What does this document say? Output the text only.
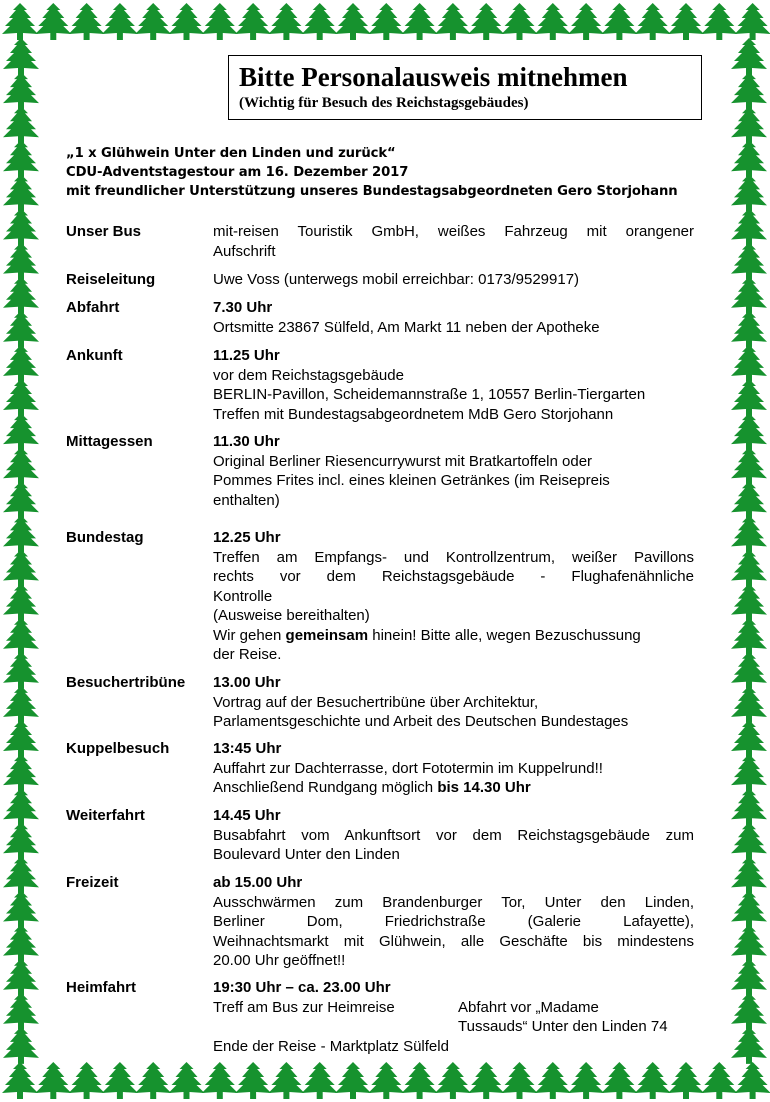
Bitte Personalausweis mitnehmen
(Wichtig für Besuch des Reichstagsgebäudes)
„1 x Glühwein Unter den Linden und zurück“
CDU-Adventstagestour am 16. Dezember 2017
mit freundlicher Unterstützung unseres Bundestagsabgeordneten Gero Storjohann
Unser Bus	mit-reisen Touristik GmbH, weißes Fahrzeug mit orangener
Aufschrift
Reiseleitung	Uwe Voss (unterwegs mobil erreichbar: 0173/9529917)
Abfahrt	7.30 Uhr
Ortsmitte 23867 Sülfeld, Am Markt 11 neben der Apotheke
Ankunft	11.25 Uhr
vor dem Reichstagsgebäude
BERLIN-Pavillon, Scheidemannstraße 1, 10557 Berlin-Tiergarten
Treffen mit Bundestagsabgeordnetem MdB Gero Storjohann
Mittagessen	11.30 Uhr
Original Berliner Riesencurrywurst mit Bratkartoffeln oder
Pommes Frites incl. eines kleinen Getränkes (im Reisepreis
enthalten)
Bundestag	12.25 Uhr
Treffen am Empfangs- und Kontrollzentrum, weißer Pavillons
rechts vor dem Reichstagsgebäude - Flughafenähnliche
Kontrolle
(Ausweise bereithalten)
Wir gehen gemeinsam hinein! Bitte alle, wegen Bezuschussung
der Reise.
Besuchertribüne 13.00 Uhr
Vortrag auf der Besuchertribüne über Architektur,
Parlamentsgeschichte und Arbeit des Deutschen Bundestages
Kuppelbesuch	13:45 Uhr
Auffahrt zur Dachterrasse, dort Fototermin im Kuppelrund!!
Anschließend Rundgang möglich bis 14.30 Uhr
Weiterfahrt	14.45 Uhr
Busabfahrt vom Ankunftsort vor dem Reichstagsgebäude zum
Boulevard Unter den Linden
Freizeit	ab 15.00 Uhr
Ausschwärmen zum Brandenburger Tor, Unter den Linden,
Berliner Dom, Friedrichstraße (Galerie Lafayette),
Weihnachtsmarkt mit Glühwein, alle Geschäfte bis mindestens
20.00 Uhr geöffnet!!
Heimfahrt	19:30 Uhr – ca. 23.00 Uhr
Treff am Bus zur Heimreise	Abfahrt vor „Madame
Tussauds“ Unter den Linden 74
Ende der Reise - Marktplatz Sülfeld
